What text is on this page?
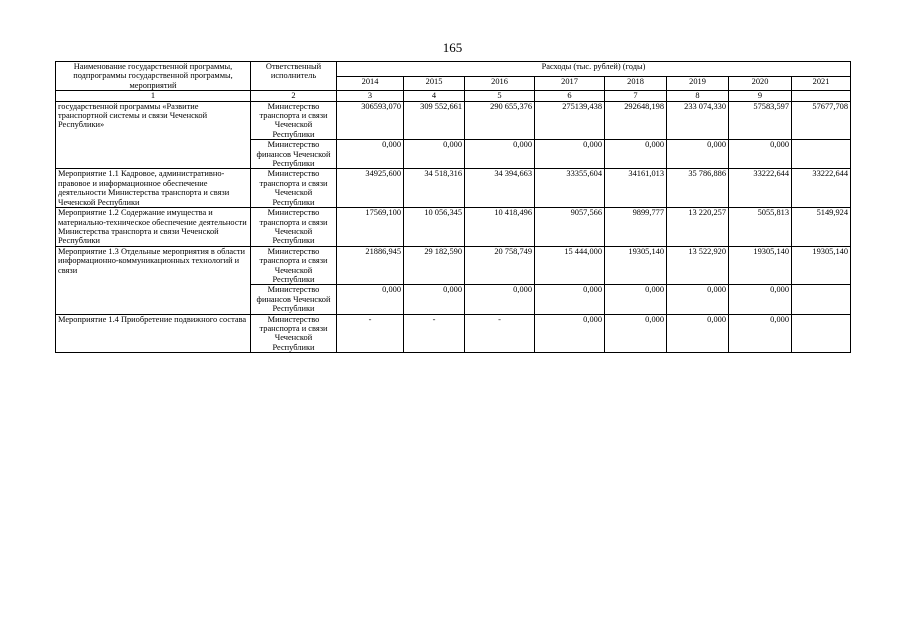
165
Наименование государственной программы, подпрограммы государственной программы, мероприятий	Ответственный исполнитель	Расходы (тыс. рублей) (годы)							
		2014	2015	2016	2017	2018	2019	2020	2021
1	2	3	4	5	6	7	8	9	
государственной программы «Развитие транспортной системы и связи Чеченской Республики»	Министерство транспорта и связи Чеченской Республики	306593,070	309 552,661	290 655,376	275139,438	292648,198	233 074,330	57583,597	57677,708
	Министерство финансов Чеченской Республики	0,000	0,000	0,000	0,000	0,000	0,000	0,000	
Мероприятие 1.1 Кадровое, административно-правовое и информационное обеспечение деятельности Министерства транспорта и связи Чеченской Республики	Министерство транспорта и связи Чеченской Республики	34925,600	34 518,316	34 394,663	33355,604	34161,013	35 786,886	33222,644	33222,644
Мероприятие 1.2 Содержание имущества и материально-техническое обеспечение деятельности Министерства транспорта и связи Чеченской Республики	Министерство транспорта и связи Чеченской Республики	17569,100	10 056,345	10 418,496	9057,566	9899,777	13 220,257	5055,813	5149,924
Мероприятие 1.3 Отдельные мероприятия в области информационно-коммуникационных технологий и связи	Министерство транспорта и связи Чеченской Республики	21886,945	29 182,590	20 758,749	15 444,000	19305,140	13 522,920	19305,140	19305,140
	Министерство финансов Чеченской Республики	0,000	0,000	0,000	0,000	0,000	0,000	0,000	
Мероприятие 1.4 Приобретение подвижного состава	Министерство транспорта и связи Чеченской Республики	-	-	-	0,000	0,000	0,000	0,000	
